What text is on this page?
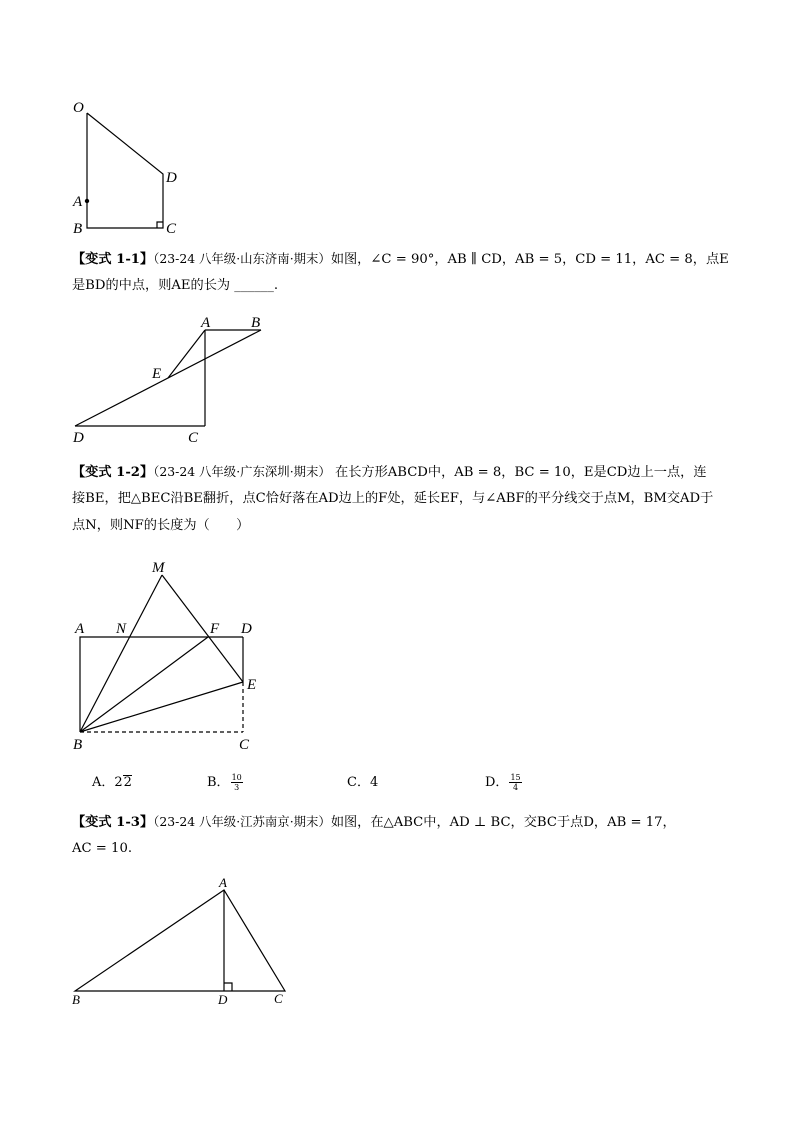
O
D
A
B	C
【变式 1-1】（23-24 八年级·山东济南·期末）如图，∠C = 90°，AB ∥ CD，AB = 5，CD = 11，AC = 8，点E
是BD的中点，则AE的长为 ______.
A	B
E
D	C
【变式 1-2】（23-24 八年级·广东深圳·期末） 在长方形ABCD中，AB = 8，BC = 10，E是CD边上一点，连
接BE，把△BEC沿BE翻折，点C恰好落在AD边上的F处，延长EF，与∠ABF的平分线交于点M，BM交AD于
点N，则NF的长度为（　　）
M
A N	F D
E
B	C
A．22	B． $\frac{10}{3}$	C．4	D． $\frac{15}{4}$
【变式 1-3】（23-24 八年级·江苏南京·期末）如图，在△ABC中，AD ⊥ BC，交BC于点D，AB = 17，
AC = 10.
A
B	D	C
